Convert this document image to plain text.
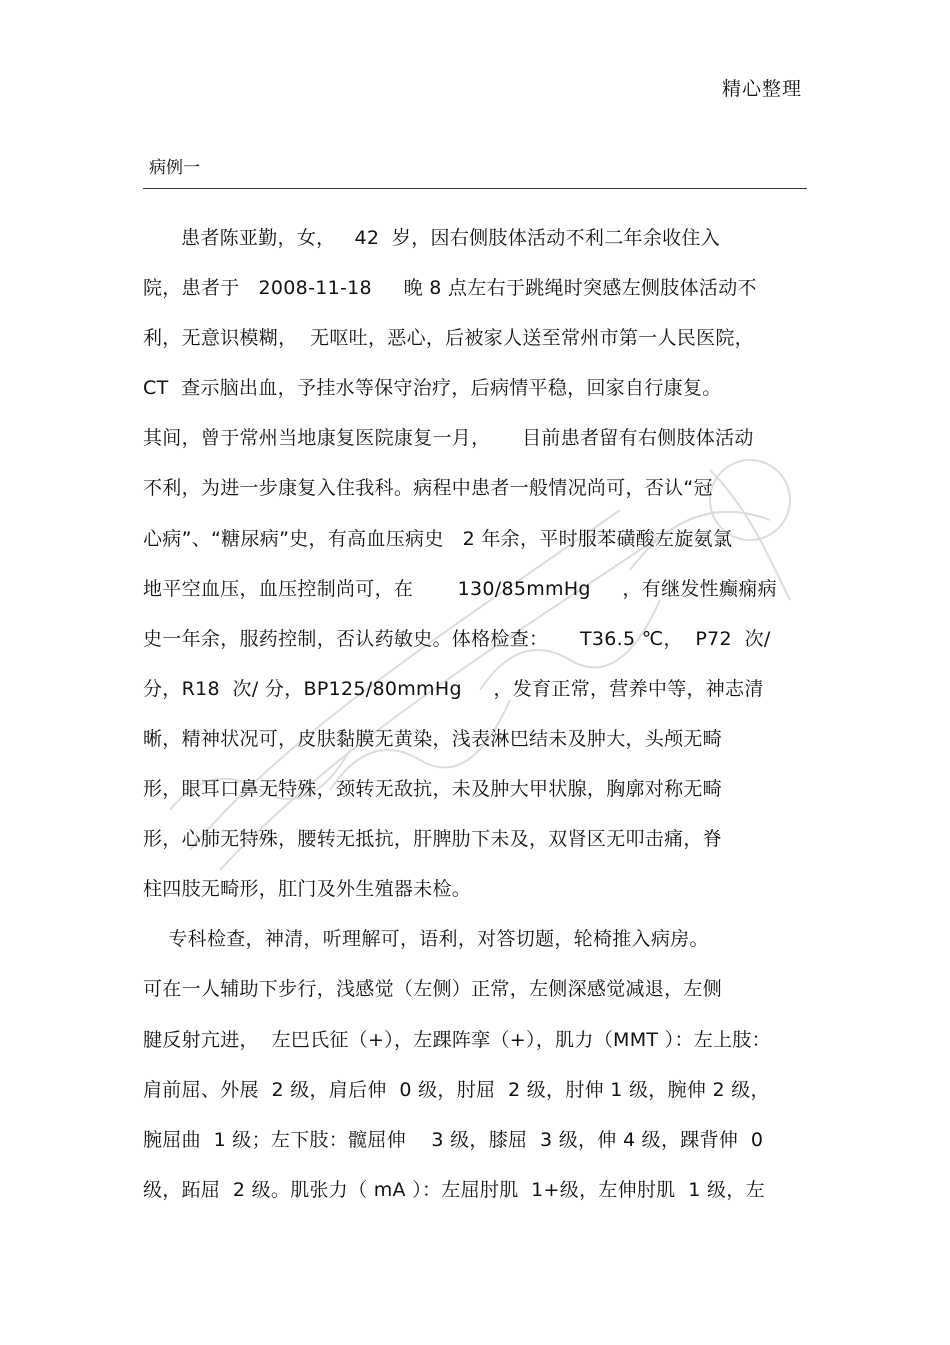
精心整理
病例一
患者陈亚勤，女，   42  岁，因右侧肢体活动不利二年余收住入
院，患者于   2008-11-18     晚 8 点左右于跳绳时突感左侧肢体活动不
利，无意识模糊，  无呕吐，恶心，后被家人送至常州市第一人民医院，
CT  查示脑出血，予挂水等保守治疗，后病情平稳，回家自行康复。
其间，曾于常州当地康复医院康复一月，     目前患者留有右侧肢体活动
不利，为进一步康复入住我科。病程中患者一般情况尚可，否认“冠
心病”、“糖尿病”史，有高血压病史   2 年余，平时服苯磺酸左旋氨氯
地平空血压，血压控制尚可，在       130/85mmHg     ，有继发性癫痫病
史一年余，服药控制，否认药敏史。体格检查：     T36.5 ℃，  P72  次/
分，R18  次/ 分，BP125/80mmHg     ，发育正常，营养中等，神志清
晰，精神状况可，皮肤黏膜无黄染，浅表淋巴结未及肿大，头颅无畸
形，眼耳口鼻无特殊，颈转无敌抗，未及肿大甲状腺，胸廓对称无畸
形，心肺无特殊，腰转无抵抗，肝脾肋下未及，双肾区无叩击痛，脊
柱四肢无畸形，肛门及外生殖器未检。
专科检查，神清，听理解可，语利，对答切题，轮椅推入病房。
可在一人辅助下步行，浅感觉（左侧）正常，左侧深感觉减退，左侧
腱反射亢进，  左巴氏征（+），左踝阵挛（+），肌力（MMT ）：左上肢：
肩前屈、外展  2 级，肩后伸  0 级，肘屈  2 级，肘伸 1 级，腕伸 2 级，
腕屈曲  1 级；左下肢：髋屈伸    3 级，膝屈  3 级，伸 4 级，踝背伸  0
级，跖屈  2 级。肌张力（ mA ）：左屈肘肌  1+级，左伸肘肌  1 级，左
